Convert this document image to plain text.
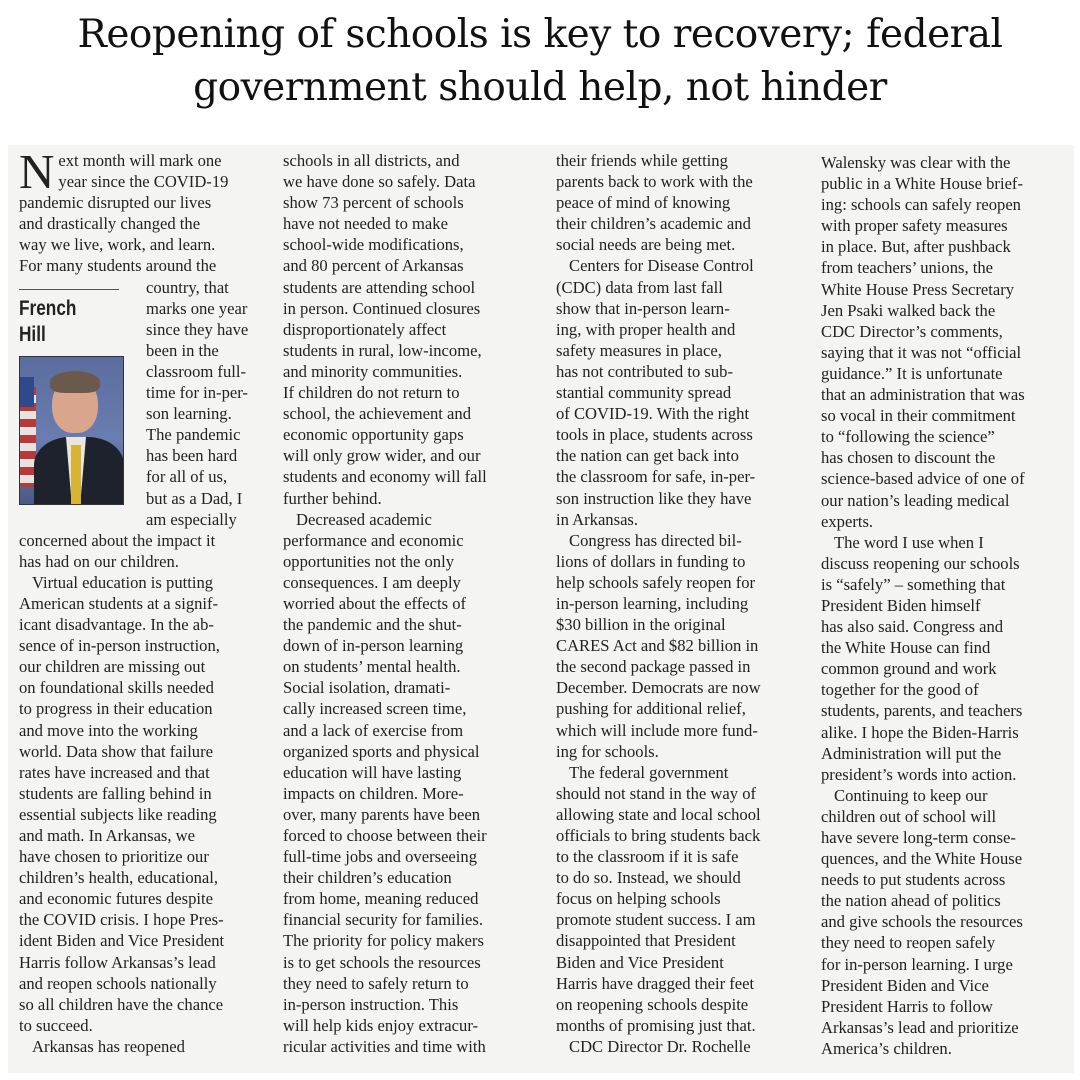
Reopening of schools is key to recovery; federal
government should help, not hinder
N ext month will mark one
year since the COVID-19
pandemic disrupted our lives
and drastically changed the
way we live, work, and learn.
For many students around the
country, that
marks one year
since they have
been in the
classroom full-
time for in-per-
son learning.
The pandemic
has been hard
for all of us,
but as a Dad, I
am especially
concerned about the impact it
has had on our children.
Virtual education is putting
American students at a signif-
icant disadvantage. In the ab-
sence of in-person instruction,
our children are missing out
on foundational skills needed
to progress in their education
and move into the working
world. Data show that failure
rates have increased and that
students are falling behind in
essential subjects like reading
and math. In Arkansas, we
have chosen to prioritize our
children’s health, educational,
and economic futures despite
the COVID crisis. I hope Pres-
ident Biden and Vice President
Harris follow Arkansas’s lead
and reopen schools nationally
so all children have the chance
to succeed.
Arkansas has reopened
French
Hill
schools in all districts, and
we have done so safely. Data
show 73 percent of schools
have not needed to make
school-wide modifications,
and 80 percent of Arkansas
students are attending school
in person. Continued closures
disproportionately affect
students in rural, low-income,
and minority communities.
If children do not return to
school, the achievement and
economic opportunity gaps
will only grow wider, and our
students and economy will fall
further behind.
Decreased academic
performance and economic
opportunities not the only
consequences. I am deeply
worried about the effects of
the pandemic and the shut-
down of in-person learning
on students’ mental health.
Social isolation, dramati-
cally increased screen time,
and a lack of exercise from
organized sports and physical
education will have lasting
impacts on children. More-
over, many parents have been
forced to choose between their
full-time jobs and overseeing
their children’s education
from home, meaning reduced
financial security for families.
The priority for policy makers
is to get schools the resources
they need to safely return to
in-person instruction. This
will help kids enjoy extracur-
ricular activities and time with
their friends while getting
parents back to work with the
peace of mind of knowing
their children’s academic and
social needs are being met.
Centers for Disease Control
(CDC) data from last fall
show that in-person learn-
ing, with proper health and
safety measures in place,
has not contributed to sub-
stantial community spread
of COVID-19. With the right
tools in place, students across
the nation can get back into
the classroom for safe, in-per-
son instruction like they have
in Arkansas.
Congress has directed bil-
lions of dollars in funding to
help schools safely reopen for
in-person learning, including
$30 billion in the original
CARES Act and $82 billion in
the second package passed in
December. Democrats are now
pushing for additional relief,
which will include more fund-
ing for schools.
The federal government
should not stand in the way of
allowing state and local school
officials to bring students back
to the classroom if it is safe
to do so. Instead, we should
focus on helping schools
promote student success. I am
disappointed that President
Biden and Vice President
Harris have dragged their feet
on reopening schools despite
months of promising just that.
CDC Director Dr. Rochelle
Walensky was clear with the
public in a White House brief-
ing: schools can safely reopen
with proper safety measures
in place. But, after pushback
from teachers’ unions, the
White House Press Secretary
Jen Psaki walked back the
CDC Director’s comments,
saying that it was not “official
guidance.” It is unfortunate
that an administration that was
so vocal in their commitment
to “following the science”
has chosen to discount the
science-based advice of one of
our nation’s leading medical
experts.
The word I use when I
discuss reopening our schools
is “safely” – something that
President Biden himself
has also said. Congress and
the White House can find
common ground and work
together for the good of
students, parents, and teachers
alike. I hope the Biden-Harris
Administration will put the
president’s words into action.
Continuing to keep our
children out of school will
have severe long-term conse-
quences, and the White House
needs to put students across
the nation ahead of politics
and give schools the resources
they need to reopen safely
for in-person learning. I urge
President Biden and Vice
President Harris to follow
Arkansas’s lead and prioritize
America’s children.
